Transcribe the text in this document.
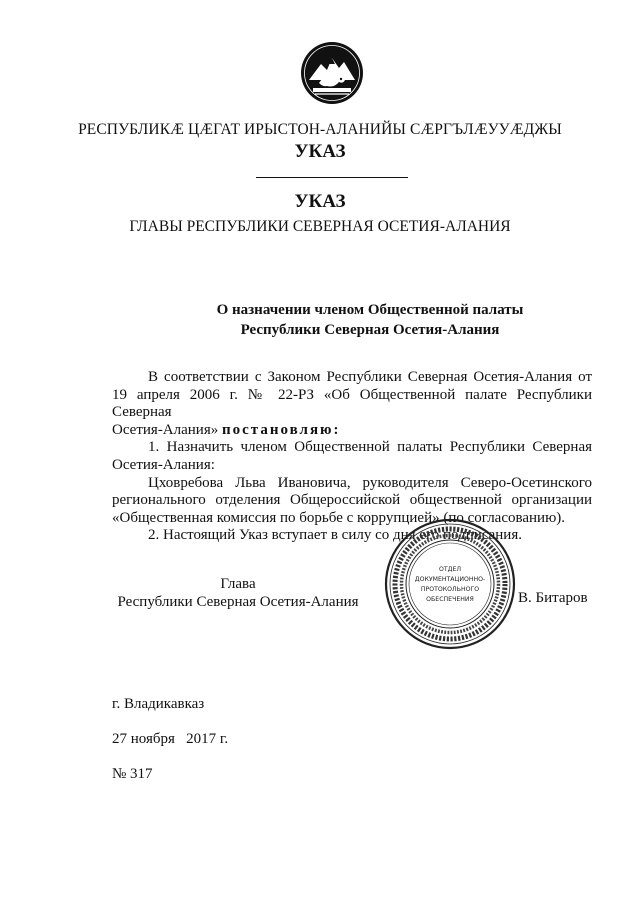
РЕСПУБЛИКÆ ЦÆГАТ ИРЫСТОН-АЛАНИЙЫ СÆРГЪЛÆУУÆДЖЫ
УКАЗ
УКАЗ
ГЛАВЫ РЕСПУБЛИКИ СЕВЕРНАЯ ОСЕТИЯ-АЛАНИЯ
О назначении членом Общественной палаты
Республики Северная Осетия-Алания

В соответствии с Законом Республики Северная Осетия-Алания от

19 апреля 2006 г. № 22-РЗ «Об Общественной палате Республики Северная

Осетия-Алания» постановляю:

1. Назначить членом Общественной палаты Республики Северная

Осетия-Алания:

Цховребова Льва Ивановича, руководителя Северо-Осетинского

регионального отделения Общероссийской общественной организации

«Общественная комиссия по борьбе с коррупцией» (по согласованию).

2. Настоящий Указ вступает в силу со дня его подписания.

Глава
Республики Северная Осетия-Алания
ОТДЕЛ
ДОКУМЕНТАЦИОННО-
ПРОТОКОЛЬНОГО
ОБЕСПЕЧЕНИЯ	В. Битаров
г. Владикавказ
27 ноября   2017 г.
№ 317
